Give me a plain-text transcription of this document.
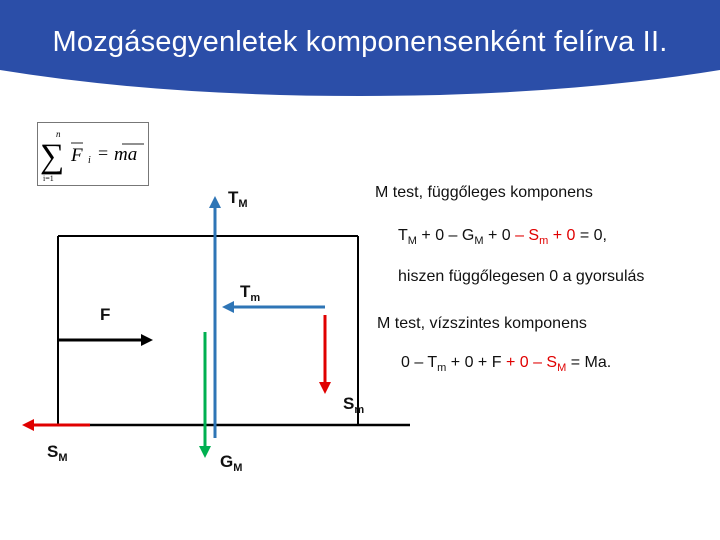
Mozgásegyenletek komponensenként felírva II.
n
∑
i=1
F i = ma
$T_M$
$T_m$
F
$S_m$
$S_M$	$G_M$
M test, függőleges komponens
$T_M + 0 - G_M + 0 - S_m + 0 = 0$,
hiszen függőlegesen 0 a gyorsulás
M test, vízszintes komponens
$0 - T_m + 0 + F + 0 - S_M = Ma$.
